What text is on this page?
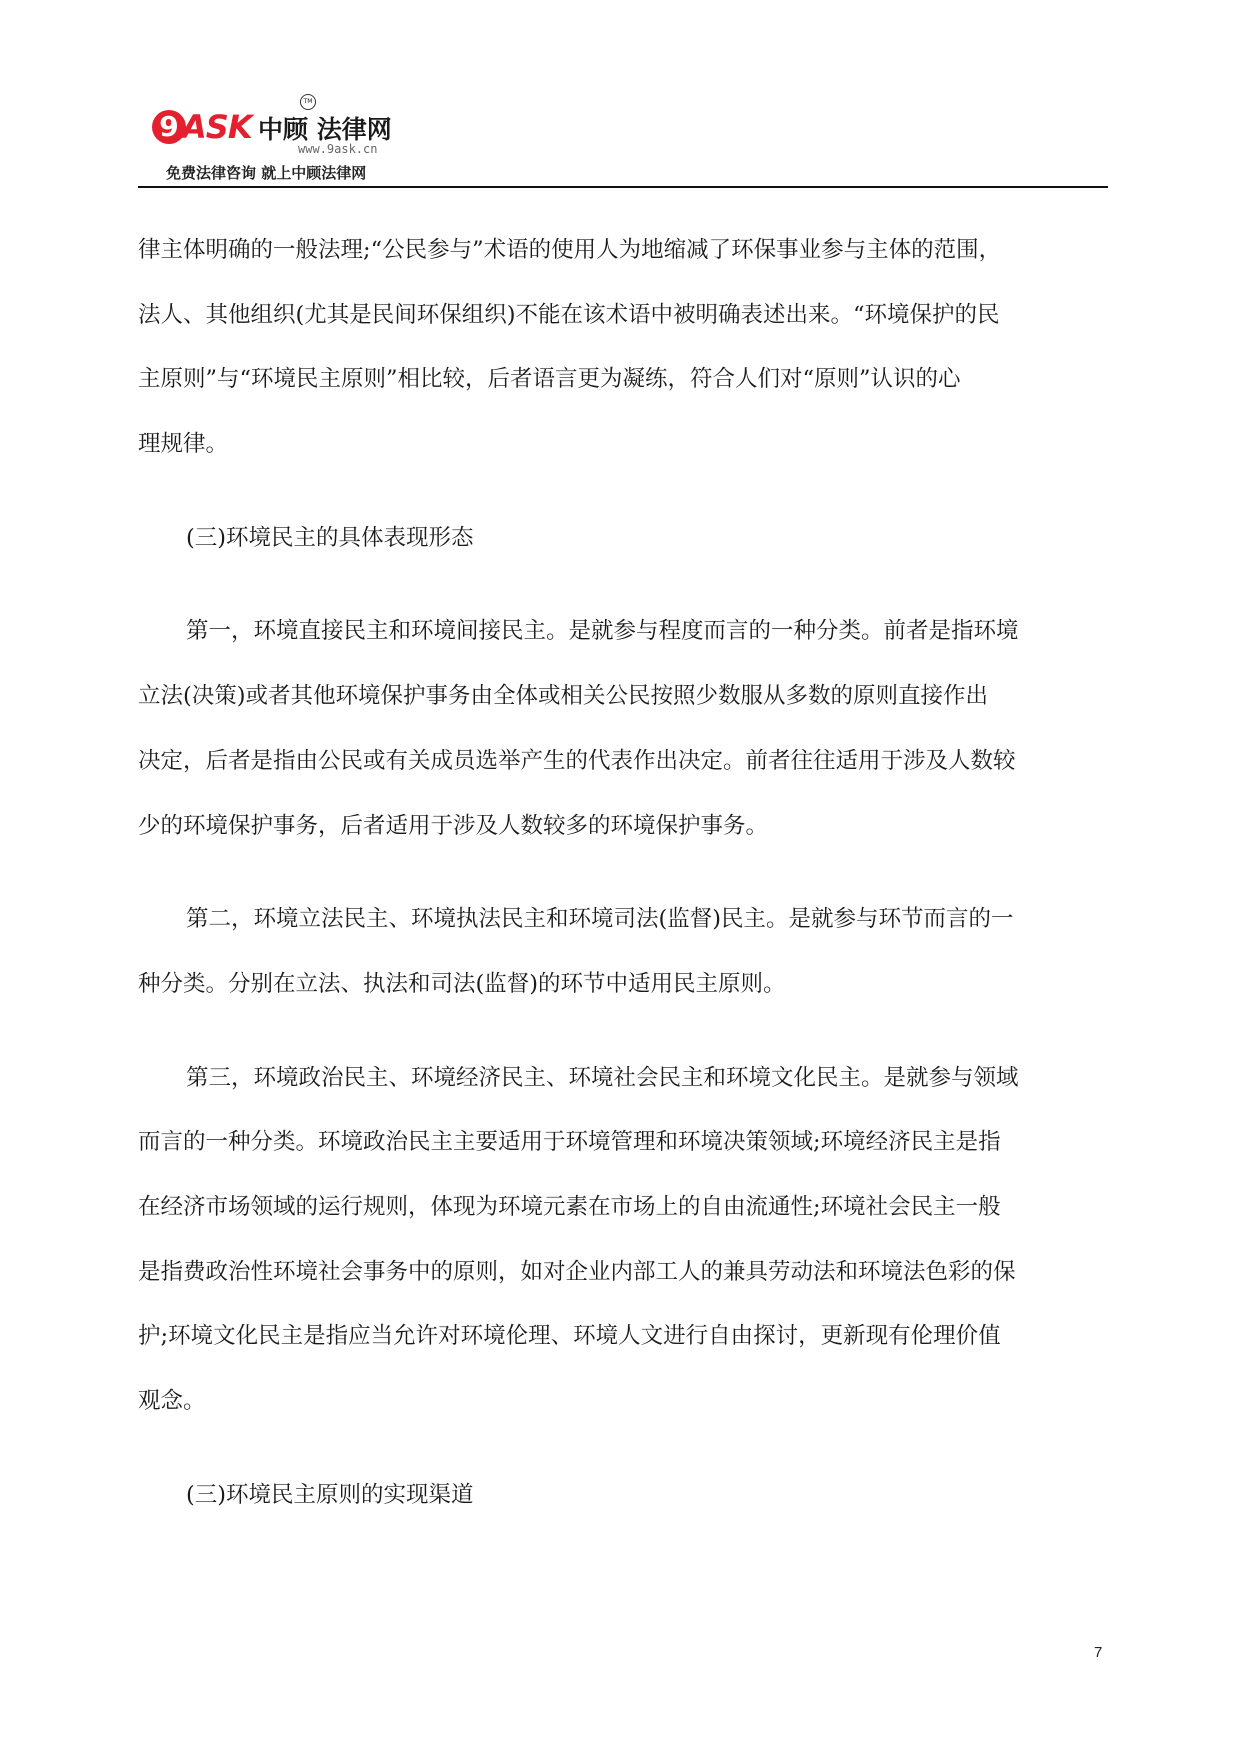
9 ASK 中顾 法律网
TM
www.9ask.cn
免费法律咨询 就上中顾法律网

律主体明确的一般法理;“公民参与”术语的使用人为地缩减了环保事业参与主体的范围，
法人、其他组织(尤其是民间环保组织)不能在该术语中被明确表述出来。“环境保护的民
主原则”与“环境民主原则”相比较，后者语言更为凝练，符合人们对“原则”认识的心
理规律。

(三)环境民主的具体表现形态

第一，环境直接民主和环境间接民主。是就参与程度而言的一种分类。前者是指环境
立法(决策)或者其他环境保护事务由全体或相关公民按照少数服从多数的原则直接作出
决定，后者是指由公民或有关成员选举产生的代表作出决定。前者往往适用于涉及人数较
少的环境保护事务，后者适用于涉及人数较多的环境保护事务。

第二，环境立法民主、环境执法民主和环境司法(监督)民主。是就参与环节而言的一
种分类。分别在立法、执法和司法(监督)的环节中适用民主原则。

第三，环境政治民主、环境经济民主、环境社会民主和环境文化民主。是就参与领域
而言的一种分类。环境政治民主主要适用于环境管理和环境决策领域;环境经济民主是指
在经济市场领域的运行规则，体现为环境元素在市场上的自由流通性;环境社会民主一般
是指费政治性环境社会事务中的原则，如对企业内部工人的兼具劳动法和环境法色彩的保
护;环境文化民主是指应当允许对环境伦理、环境人文进行自由探讨，更新现有伦理价值
观念。

(三)环境民主原则的实现渠道

7
